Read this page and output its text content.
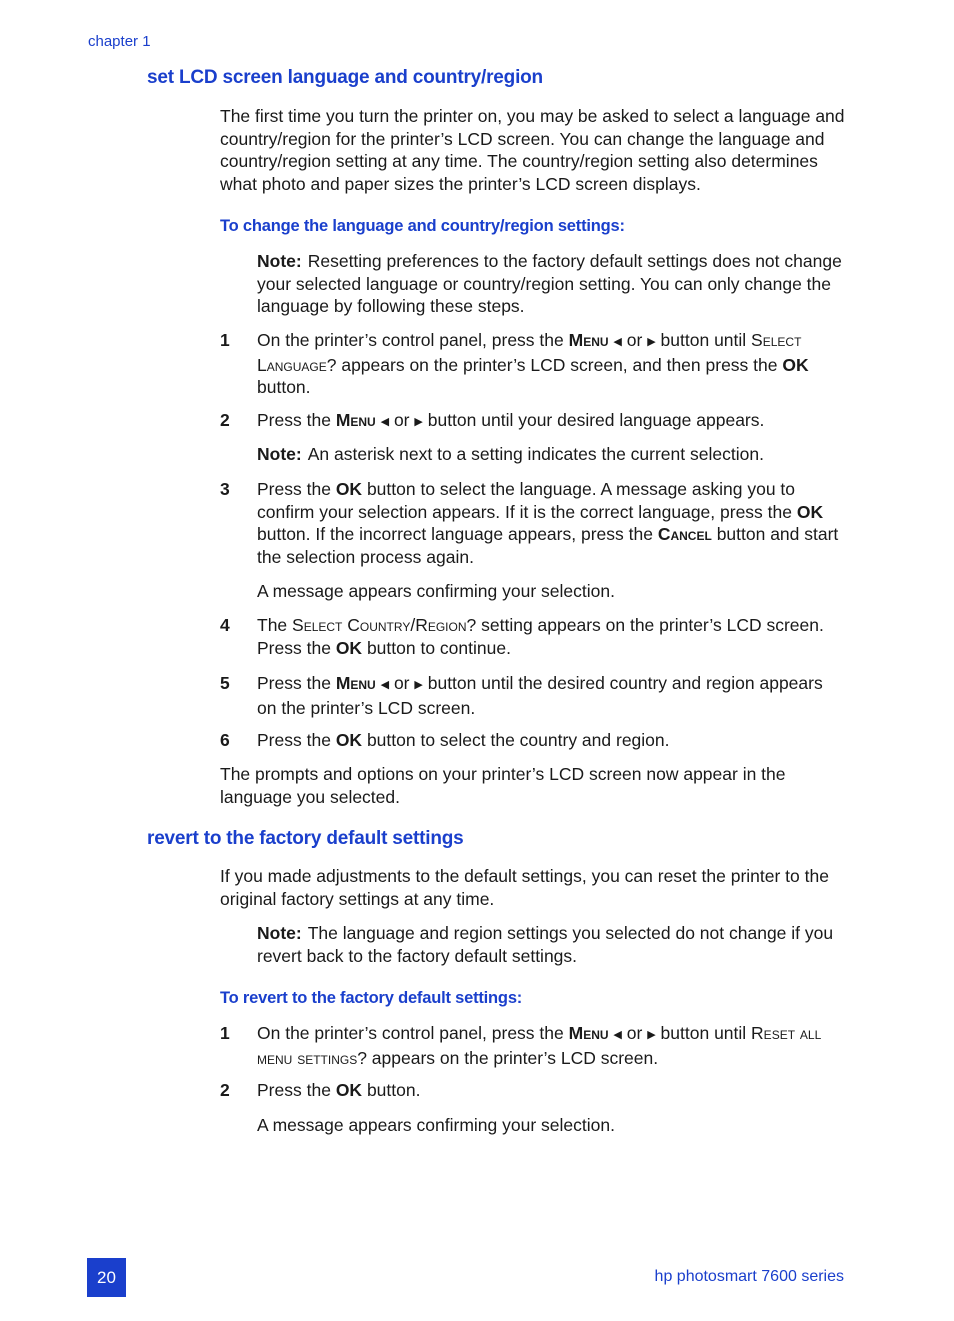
chapter 1
set LCD screen language and country/region

The first time you turn the printer on, you may be asked to select a language and country/region for the printer’s LCD screen. You can change the language and country/region setting at any time. The country/region setting also determines what photo and paper sizes the printer’s LCD screen displays.

To change the language and country/region settings:

Note: Resetting preferences to the factory default settings does not change your selected language or country/region setting. You can only change the language by following these steps.

1 On the printer’s control panel, press the Menu ◀ or ▶ button until Select Language? appears on the printer’s LCD screen, and then press the OK button.
2 Press the Menu ◀ or ▶ button until your desired language appears.

Note: An asterisk next to a setting indicates the current selection.

3 Press the OK button to select the language. A message asking you to confirm your selection appears. If it is the correct language, press the OK button. If the incorrect language appears, press the Cancel button and start the selection process again.

A message appears confirming your selection.

4 The Select Country/Region? setting appears on the printer’s LCD screen. Press the OK button to continue.
5 Press the Menu ◀ or ▶ button until the desired country and region appears on the printer’s LCD screen.
6 Press the OK button to select the country and region.

The prompts and options on your printer’s LCD screen now appear in the language you selected.

revert to the factory default settings

If you made adjustments to the default settings, you can reset the printer to the original factory settings at any time.

Note: The language and region settings you selected do not change if you revert back to the factory default settings.

To revert to the factory default settings:
1 On the printer’s control panel, press the Menu ◀ or ▶ button until Reset all menu settings? appears on the printer’s LCD screen.
2 Press the OK button.

A message appears confirming your selection.

20	hp photosmart 7600 series
